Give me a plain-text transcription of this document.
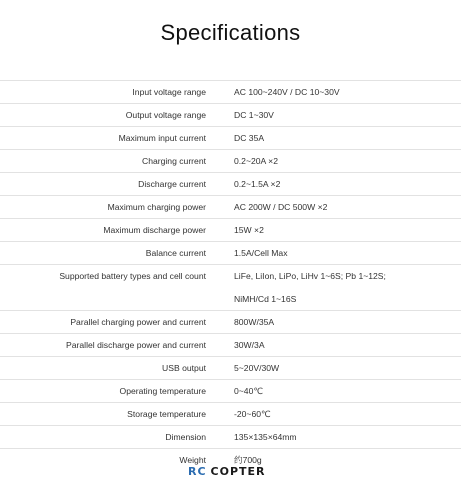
Specifications
Input voltage range	AC 100~240V / DC 10~30V
Output voltage range	DC 1~30V
Maximum input current	DC 35A
Charging current	0.2~20A ×2
Discharge current	0.2~1.5A ×2
Maximum charging power	AC 200W / DC 500W ×2
Maximum discharge power	15W ×2
Balance current	1.5A/Cell Max
Supported battery types and cell count	LiFe, LiIon, LiPo, LiHv 1~6S; Pb 1~12S;
NiMH/Cd 1~16S
Parallel charging power and current	800W/35A
Parallel discharge power and current	30W/3A
USB output	5~20V/30W
Operating temperature	0~40℃
Storage temperature	-20~60℃
Dimension	135×135×64mm
Weight	约700g
RC COPTER
